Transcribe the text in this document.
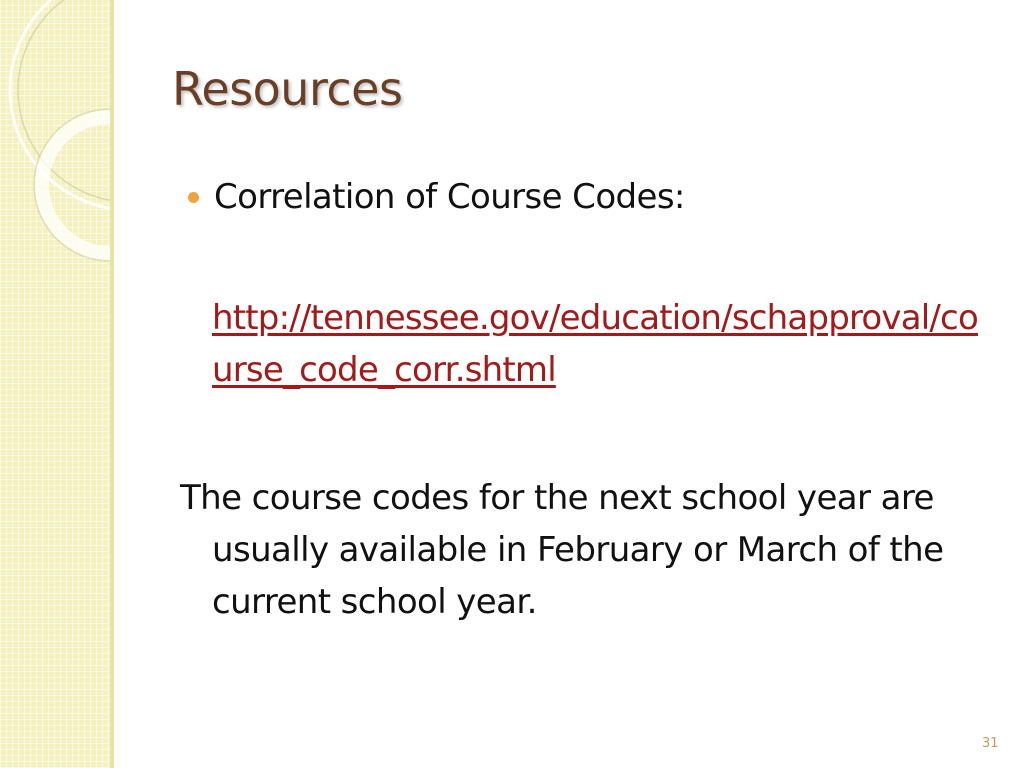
Resources
Correlation of Course Codes:
http://tennessee.gov/education/schapproval/course_code_corr.shtml
The course codes for the next school year are usually available in February or March of the current school year.
31
